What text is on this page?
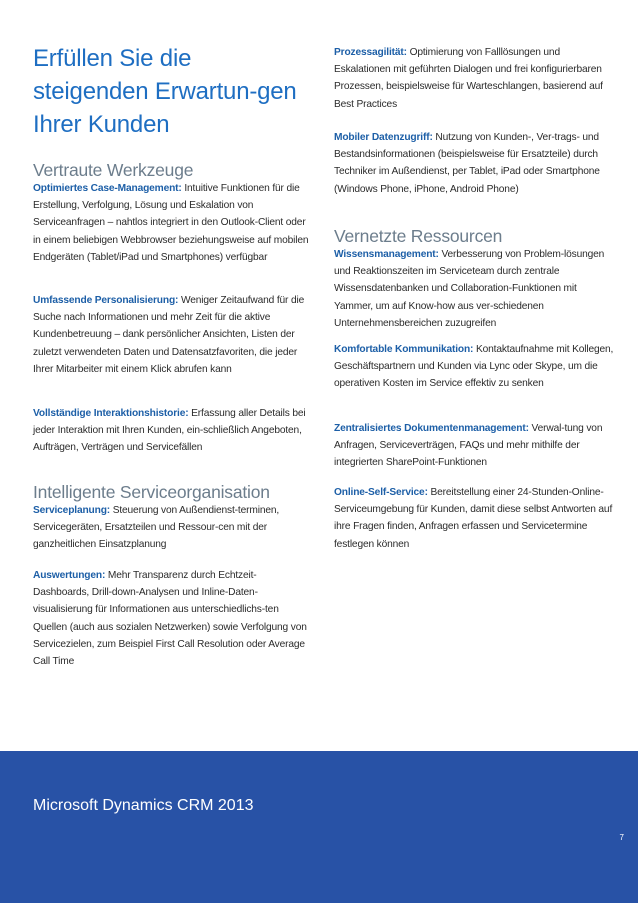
Erfüllen Sie die steigenden Erwartun-gen Ihrer Kunden
Vertraute Werkzeuge

Optimiertes Case-Management: Intuitive Funktionen für die Erstellung, Verfolgung, Lösung und Eskalation von Serviceanfragen – nahtlos integriert in den Outlook-Client oder in einem beliebigen Webbrowser beziehungsweise auf mobilen Endgeräten (Tablet/iPad und Smartphones) verfügbar

Umfassende Personalisierung: Weniger Zeitaufwand für die Suche nach Informationen und mehr Zeit für die aktive Kundenbetreuung – dank persönlicher Ansichten, Listen der zuletzt verwendeten Daten und Datensatzfavoriten, die jeder Ihrer Mitarbeiter mit einem Klick abrufen kann

Vollständige Interaktionshistorie: Erfassung aller Details bei jeder Interaktion mit Ihren Kunden, ein-schließlich Angeboten, Aufträgen, Verträgen und Servicefällen

Intelligente Serviceorganisation

Serviceplanung: Steuerung von Außendienst-terminen, Servicegeräten, Ersatzteilen und Ressour-cen mit der ganzheitlichen Einsatzplanung

Auswertungen: Mehr Transparenz durch Echtzeit-Dashboards, Drill-down-Analysen und Inline-Daten-visualisierung für Informationen aus unterschiedlichs-ten Quellen (auch aus sozialen Netzwerken) sowie Verfolgung von Servicezielen, zum Beispiel First Call Resolution oder Average Call Time

Prozessagilität: Optimierung von Falllösungen und Eskalationen mit geführten Dialogen und frei konfigurierbaren Prozessen, beispielsweise für Warteschlangen, basierend auf Best Practices

Mobiler Datenzugriff: Nutzung von Kunden-, Ver-trags- und Bestandsinformationen (beispielsweise für Ersatzteile) durch Techniker im Außendienst, per Tablet, iPad oder Smartphone (Windows Phone, iPhone, Android Phone)

Vernetzte Ressourcen

Wissensmanagement: Verbesserung von Problem-lösungen und Reaktionszeiten im Serviceteam durch zentrale Wissensdatenbanken und Collaboration-Funktionen mit Yammer, um auf Know-how aus ver-schiedenen Unternehmensbereichen zuzugreifen

Komfortable Kommunikation: Kontaktaufnahme mit Kollegen, Geschäftspartnern und Kunden via Lync oder Skype, um die operativen Kosten im Service effektiv zu senken

Zentralisiertes Dokumentenmanagement: Verwal-tung von Anfragen, Serviceverträgen, FAQs und mehr mithilfe der integrierten SharePoint-Funktionen

Online-Self-Service: Bereitstellung einer 24-Stunden-Online-Serviceumgebung für Kunden, damit diese selbst Antworten auf ihre Fragen finden, Anfragen erfassen und Servicetermine festlegen können

Microsoft Dynamics CRM 2013
7
